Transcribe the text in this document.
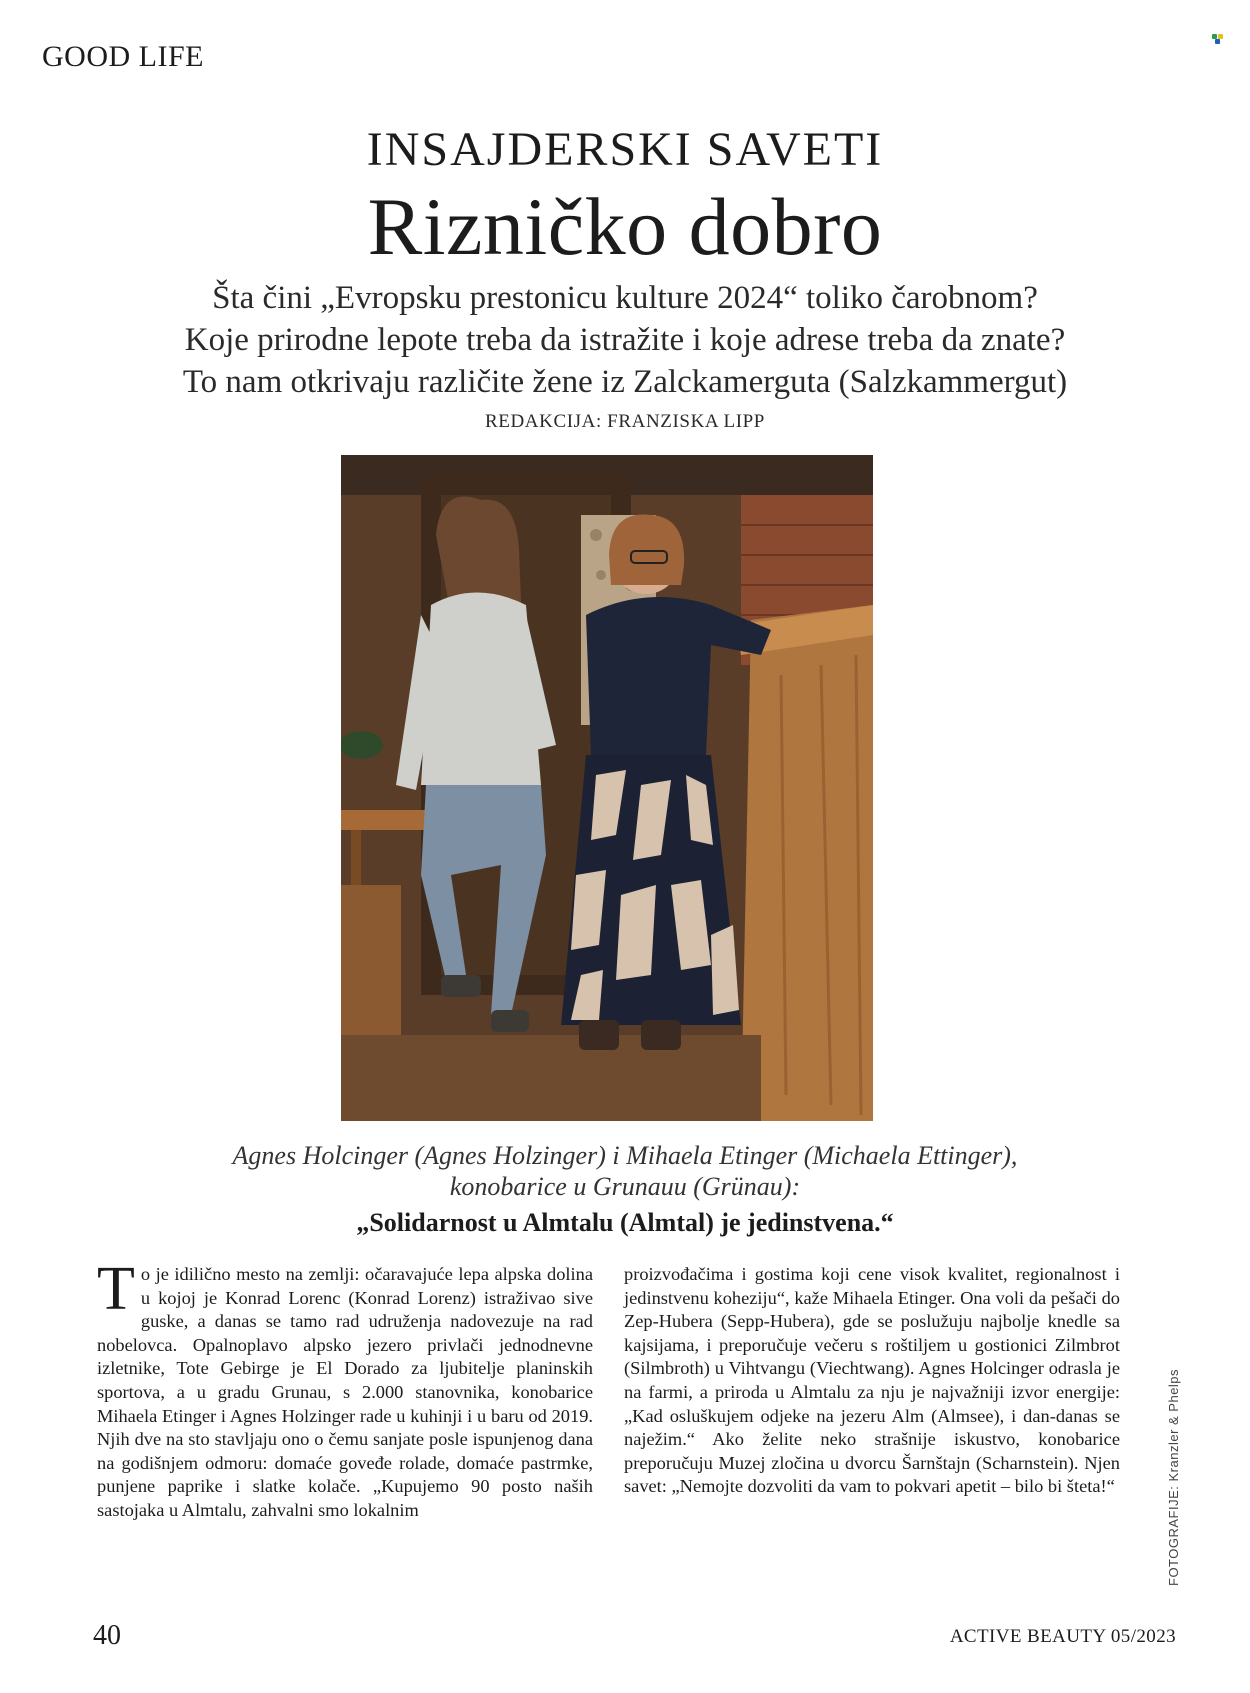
GOOD LIFE
INSAJDERSKI SAVETI
Rizničko dobro
Šta čini „Evropsku prestonicu kulture 2024“ toliko čarobnom?
Koje prirodne lepote treba da istražite i koje adrese treba da znate?
To nam otkrivaju različite žene iz Zalckamerguta (Salzkammergut)
REDAKCIJA: FRANZISKA LIPP
Agnes Holcinger (Agnes Holzinger) i Mihaela Etinger (Michaela Ettinger),
konobarice u Grunauu (Grünau):
„Solidarnost u Almtalu (Almtal) je jedinstvena.“

To je idilično mesto na zemlji: očaravajuće lepa alpska dolina u kojoj je Konrad Lorenc (Konrad Lorenz) istraživao sive guske, a danas se tamo rad udruženja nadovezuje na rad nobelovca. Opalnoplavo alpsko jezero privlači jednodnevne izletnike, Tote Gebirge je El Dorado za ljubitelje planinskih sportova, a u gradu Grunau, s 2.000 stanovnika, konobarice Mihaela Etinger i Agnes Holzinger rade u kuhinji i u baru od 2019. Njih dve na sto stavljaju ono o čemu sanjate posle ispunjenog dana na godišnjem odmoru: domaće goveđe rolade, domaće pastrmke, punjene paprike i slatke kolače. „Kupujemo 90 posto naših sastojaka u Almtalu, zahvalni smo lokalnim

proizvođačima i gostima koji cene visok kvalitet, regionalnost i jedinstvenu koheziju“, kaže Mihaela Etinger. Ona voli da pešači do Zep-Hubera (Sepp-Hubera), gde se poslužuju najbolje knedle sa kajsijama, i preporučuje večeru s roštiljem u gostionici Zilmbrot (Silmbroth) u Vihtvangu (Viechtwang). Agnes Holcinger odrasla je na farmi, a priroda u Almtalu za nju je najvažniji izvor energije: „Kad osluškujem odjeke na jezeru Alm (Almsee), i dan-danas se naježim.“ Ako želite neko strašnije iskustvo, konobarice preporučuju Muzej zločina u dvorcu Šarnštajn (Scharnstein). Njen savet: „Nemojte dozvoliti da vam to pokvari apetit – bilo bi šteta!“	FOTOGRAFIJE: Kranzler & Phelps
40	ACTIVE BEAUTY 05/2023
